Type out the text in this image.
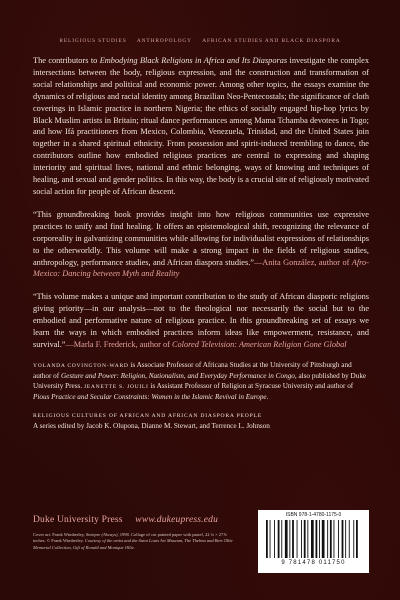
RELIGIOUS STUDIES ANTHROPOLOGY AFRICAN STUDIES AND BLACK DIASPORA

The contributors to Embodying Black Religions in Africa and Its Diasporas investigate the complex intersections between the body, religious expression, and the construction and transformation of social relationships and political and economic power. Among other topics, the essays examine the dynamics of religious and racial identity among Brazilian Neo-Pentecostals; the significance of cloth coverings in Islamic practice in northern Nigeria; the ethics of socially engaged hip-hop lyrics by Black Muslim artists in Britain; ritual dance performances among Mama Tchamba devotees in Togo; and how Ifá practitioners from Mexico, Colombia, Venezuela, Trinidad, and the United States join together in a shared spiritual ethnicity. From possession and spirit-induced trembling to dance, the contributors outline how embodied religious practices are central to expressing and shaping interiority and spiritual lives, national and ethnic belonging, ways of knowing and techniques of healing, and sexual and gender politics. In this way, the body is a crucial site of religiously motivated social action for people of African descent.

“This groundbreaking book provides insight into how religious communities use expressive practices to unify and find healing. It offers an epistemological shift, recognizing the relevance of corporeality in galvanizing communities while allowing for individualist expressions of relationships to the otherworldly. This volume will make a strong impact in the fields of religious studies, anthropology, performance studies, and African diaspora studies.”—Anita González, author of Afro-Mexico: Dancing between Myth and Reality

“This volume makes a unique and important contribution to the study of African diasporic religions giving priority—in our analysis—not to the theological nor necessarily the social but to the embodied and performative nature of religious practice. In this groundbreaking set of essays we learn the ways in which embodied practices inform ideas like empowerment, resistance, and survival.”—Marla F. Frederick, author of Colored Television: American Religion Gone Global

YOLANDA COVINGTON-WARD is Associate Professor of Africana Studies at the University of Pittsburgh and author of Gesture and Power: Religion, Nationalism, and Everyday Performance in Congo, also published by Duke University Press. JEANETTE S. JOUILI is Assistant Professor of Religion at Syracuse University and author of Pious Practice and Secular Constraints: Women in the Islamic Revival in Europe.

RELIGIOUS CULTURES OF AFRICAN AND AFRICAN DIASPORA PEOPLE
A series edited by Jacob K. Olupona, Dianne M. Stewart, and Terrence L. Johnson
Duke University Press www.dukeupress.edu
Cover art: Frank Wimberley, Siempre (Always), 1998. Collage of cut painted paper with pastel, 22 ¾ × 27⅞ inches. © Frank Wimberley. Courtesy of the artist and the Saint Louis Art Museum, The Thelma and Bert Ollie Memorial Collection, Gift of Ronald and Monique Ollie.
ISBN 978-1-4780-1175-0
9 781478 011750
